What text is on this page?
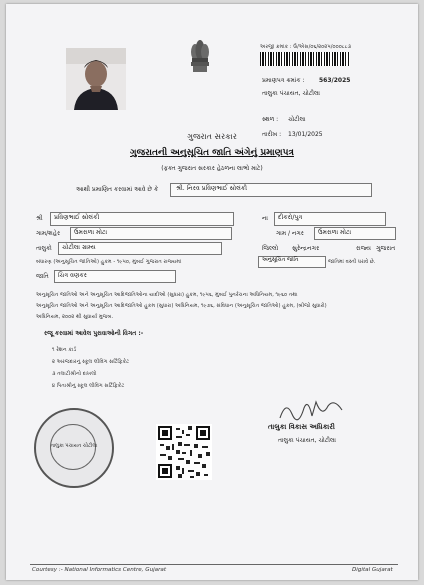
અરજી ક્રમાંક : ઉ/એસ/૦૬/૨૦૨૫/૦૦૦૮૮૩
પ્રમાણપત્ર ક્રમાંક : 563/2025
તાલુકા પંચાયત, ચોટીલા
સ્થળ : ચોટીલા
તારીખ : 13/01/2025
ગુજરાત સરકાર
ગુજરાતની અનુસૂચિત જાતિ અંગેનું પ્રમાણપત્ર
(ફક્ત ગુજરાત સરકાર હેઠળના લાભો માટે)
આથી પ્રમાણિત કરવામાં આવે છે કે	શ્રી. નિરવ પ્રવિણભાઈ સોલંકી
શ્રી પ્રવિણભાઈ સોલંકી	ના દીકરો/પુત્ર
ગામ/શહેર ઉમરાળા મોટા	ગામ / નગર ઉમરાળા મોટા
તાલુકો ચોટીલા ગ્રામ્ય	જિલ્લો સુરેન્દ્રનગર	રાજ્ય ગુજરાત
બંધારણ (અનુસૂચિત જાતિઓ) હુકમ - ૧૯૫૦, મુંબઈ ગુજરાત રાજ્યમાં	અનુસૂચિત જાતિ	જાતિમાં વસ્તી ધરાવે છે.
જાતિ ચિત્ર વણકર
અનુસૂચિત જાતિઓ અને અનુસૂચિત આદિજાતિઓના યાદીઓ (સુધારા) હુકમ, ૧૯૫૬, મુંબઈ પુનર્રચના અધિનિયમ, ૧૯૬૦ તથા
અનુસૂચિત જાતિઓ અને અનુસૂચિત આદિજાતિઓ હુકમ (સુધારા) અધિનિયમ, ૧૯૭૬, સંવિધાન (અનુસૂચિત જાતિઓ) હુકમ, (બીજો સુધારો)
અધિનિયમ, ૨૦૦૨ થી સુધાર્યા મુજબ.
રજૂ કરવામાં આવેલ પુરાવાઓની વિગત :-
૧ રેશન કાર્ડ
૨ અરજદારનું સ્કૂલ લીવિંગ સર્ટિફિકેટ
૩ તલાટીશ્રીનો દાખલો
૪ પિતાશ્રીનું સ્કૂલ લીવિંગ સર્ટિફિકેટ
તાલુકા પંચાયત ચોટીલા
તાલુકા વિકાસ અધિકારી
તાલુકા પંચાયત, ચોટીલા
Courtesy :- National Informatics Centre, Gujarat	Digital Gujarat
